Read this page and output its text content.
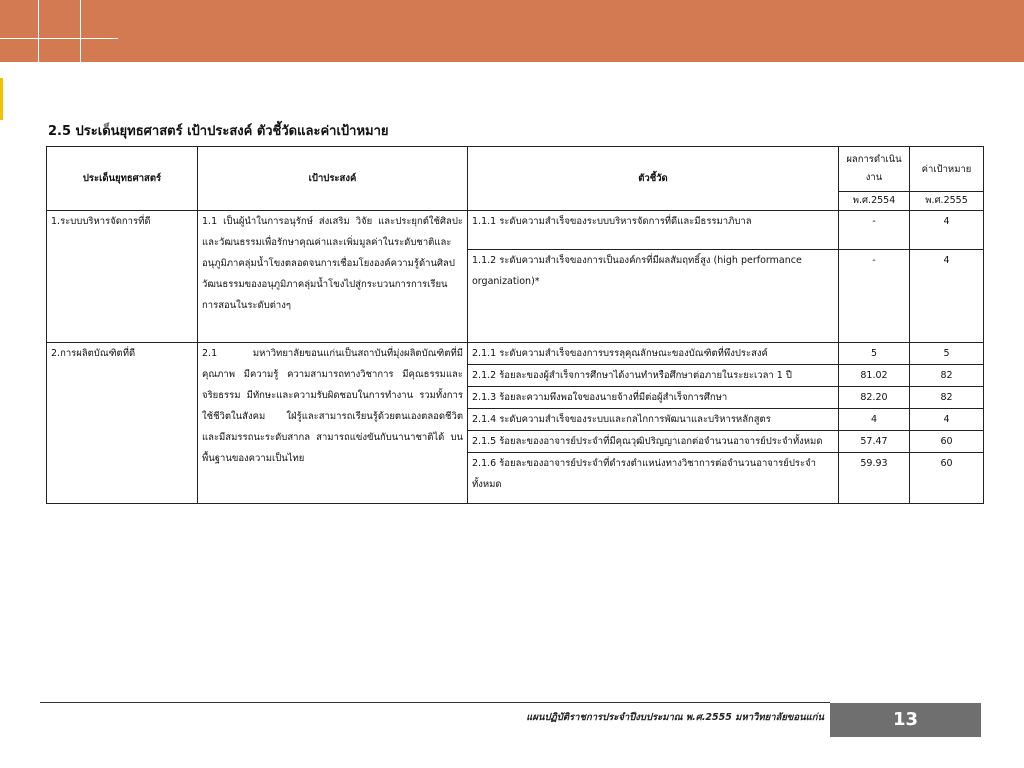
2.5 ประเด็นยุทธศาสตร์ เป้าประสงค์ ตัวชี้วัดและค่าเป้าหมาย
ประเด็นยุทธศาสตร์	เป้าประสงค์	ตัวชี้วัด	ผลการดำเนินงาน	ค่าเป้าหมาย
			พ.ศ.2554	พ.ศ.2555
1.ระบบบริหารจัดการที่ดี	1.1 เป็นผู้นำในการอนุรักษ์ ส่งเสริม วิจัย และประยุกต์ใช้ศิลปะและวัฒนธรรมเพื่อรักษาคุณค่าและเพิ่มมูลค่าในระดับชาติและอนุภูมิภาคลุ่มน้ำโขงตลอดจนการเชื่อมโยงองค์ความรู้ด้านศิลปวัฒนธรรมของอนุภูมิภาคลุ่มน้ำโขงไปสู่กระบวนการการเรียนการสอนในระดับต่างๆ	1.1.1 ระดับความสำเร็จของระบบบริหารจัดการที่ดีและมีธรรมาภิบาล	-	4
		1.1.2 ระดับความสำเร็จของการเป็นองค์กรที่มีผลสัมฤทธิ์สูง (high performance organization)*	-	4
2.การผลิตบัณฑิตที่ดี	2.1 มหาวิทยาลัยขอนแก่นเป็นสถาบันที่มุ่งผลิตบัณฑิตที่มีคุณภาพ มีความรู้ ความสามารถทางวิชาการ มีคุณธรรมและจริยธรรม มีทักษะและความรับผิดชอบในการทำงาน รวมทั้งการใช้ชีวิตในสังคม ใฝ่รู้และสามารถเรียนรู้ด้วยตนเองตลอดชีวิต และมีสมรรถนะระดับสากล สามารถแข่งขันกับนานาชาติได้ บนพื้นฐานของความเป็นไทย	2.1.1 ระดับความสำเร็จของการบรรลุคุณลักษณะของบัณฑิตที่พึงประสงค์	5	5
		2.1.2 ร้อยละของผู้สำเร็จการศึกษาได้งานทำหรือศึกษาต่อภายในระยะเวลา 1 ปี	81.02	82
		2.1.3 ร้อยละความพึงพอใจของนายจ้างที่มีต่อผู้สำเร็จการศึกษา	82.20	82
		2.1.4 ระดับความสำเร็จของระบบและกลไกการพัฒนาและบริหารหลักสูตร	4	4
		2.1.5 ร้อยละของอาจารย์ประจำที่มีคุณวุฒิปริญญาเอกต่อจำนวนอาจารย์ประจำทั้งหมด	57.47	60
		2.1.6 ร้อยละของอาจารย์ประจำที่ดำรงตำแหน่งทางวิชาการต่อจำนวนอาจารย์ประจำทั้งหมด	59.93	60
แผนปฏิบัติราชการประจำปีงบประมาณ พ.ศ.2555 มหาวิทยาลัยขอนแก่น	13
